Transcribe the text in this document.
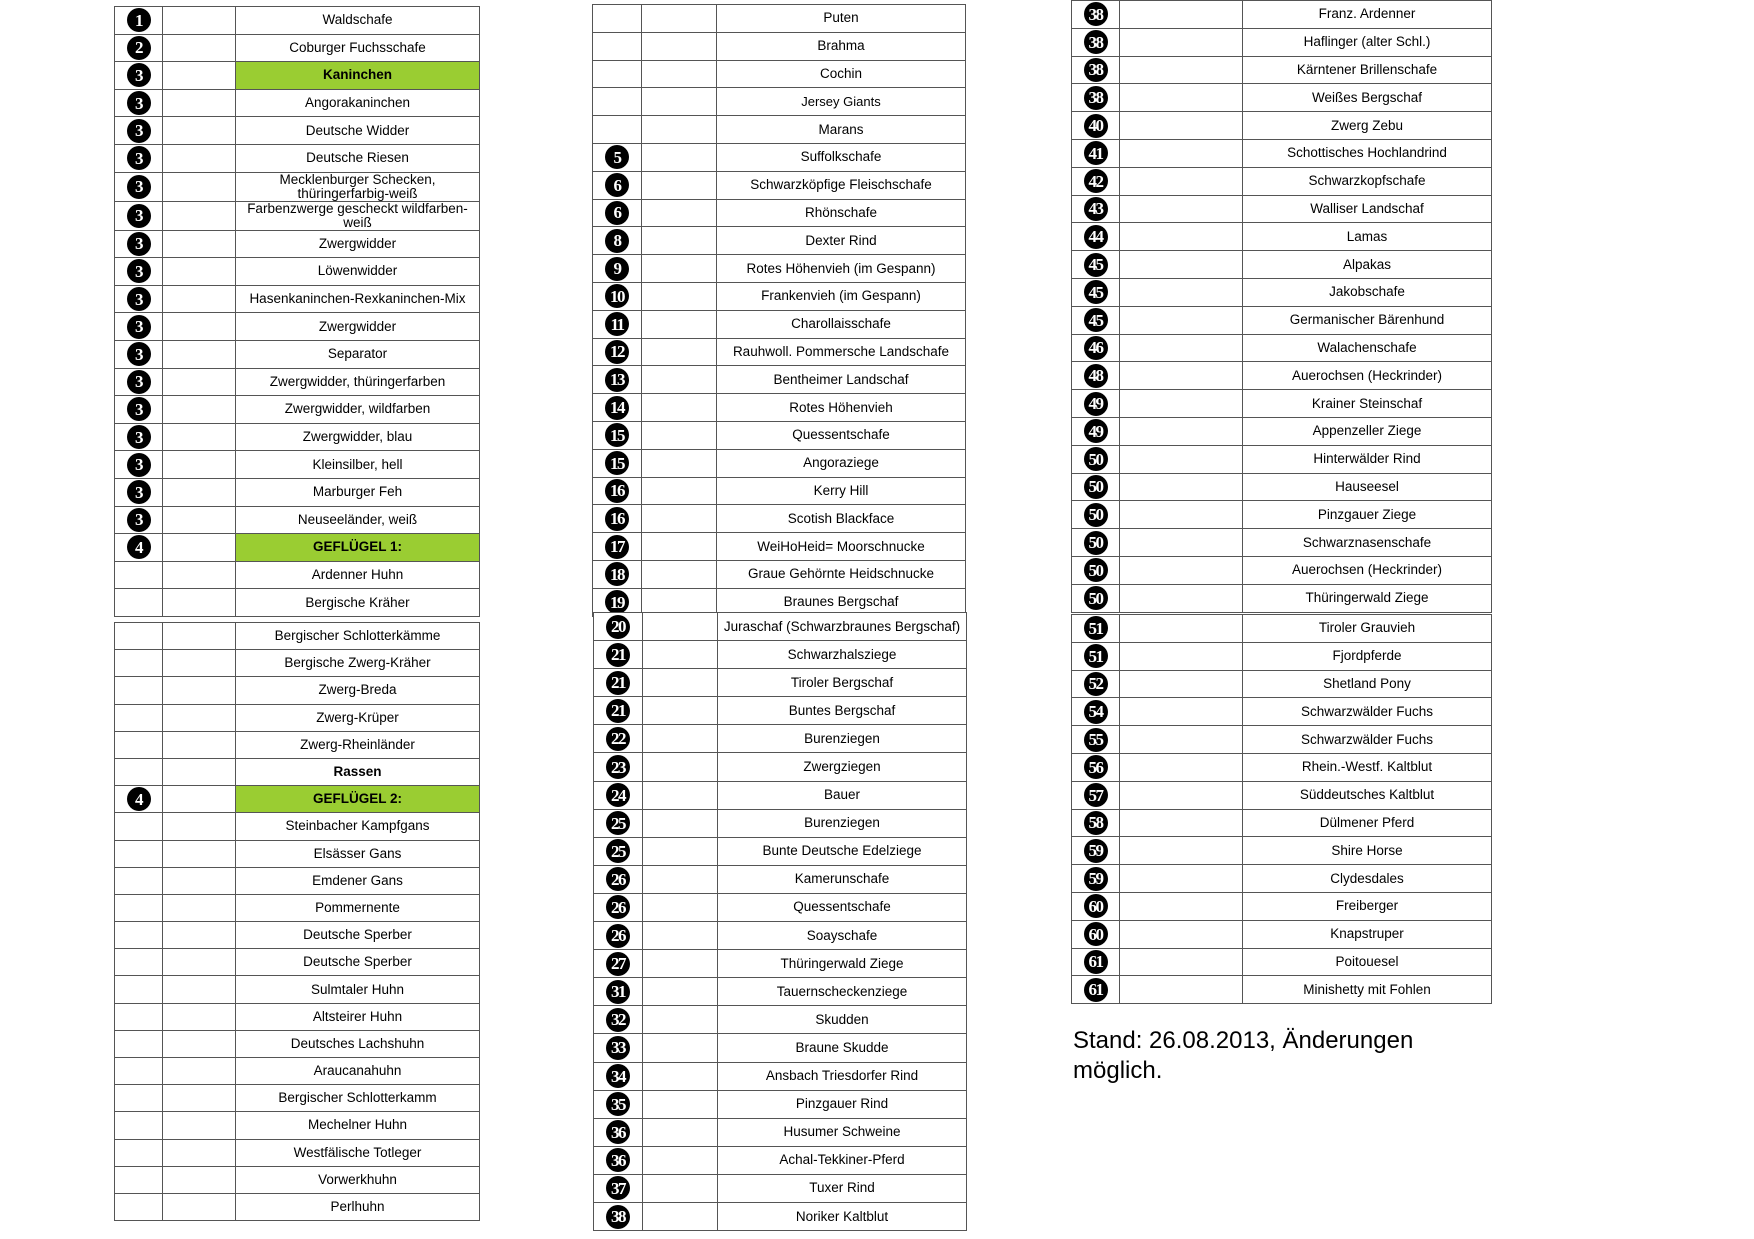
1		Waldschafe
2		Coburger Fuchsschafe
3		Kaninchen
3		Angorakaninchen
3		Deutsche Widder
3		Deutsche Riesen
3		Mecklenburger Schecken, thüringerfarbig-weiß
3		Farbenzwerge gescheckt wildfarben-weiß
3		Zwergwidder
3		Löwenwidder
3		Hasenkaninchen-Rexkaninchen-Mix
3		Zwergwidder
3		Separator
3		Zwergwidder, thüringerfarben
3		Zwergwidder, wildfarben
3		Zwergwidder, blau
3		Kleinsilber, hell
3		Marburger Feh
3		Neuseeländer, weiß
4		GEFLÜGEL 1:
		Ardenner Huhn
		Bergische Kräher
		Bergischer Schlotterkämme
		Bergische Zwerg-Kräher
		Zwerg-Breda
		Zwerg-Krüper
		Zwerg-Rheinländer
		Rassen
4		GEFLÜGEL 2:
		Steinbacher Kampfgans
		Elsässer Gans
		Emdener Gans
		Pommernente
		Deutsche Sperber
		Deutsche Sperber
		Sulmtaler Huhn
		Altsteirer Huhn
		Deutsches Lachshuhn
		Araucanahuhn
		Bergischer Schlotterkamm
		Mechelner Huhn
		Westfälische Totleger
		Vorwerkhuhn
		Perlhuhn
		Puten
		Brahma
		Cochin
		Jersey Giants
		Marans
5		Suffolkschafe
6		Schwarzköpfige Fleischschafe
6		Rhönschafe
8		Dexter Rind
9		Rotes Höhenvieh (im Gespann)
10		Frankenvieh (im Gespann)
11		Charollaisschafe
12		Rauhwoll. Pommersche Landschafe
13		Bentheimer Landschaf
14		Rotes Höhenvieh
15		Quessentschafe
15		Angoraziege
16		Kerry Hill
16		Scotish Blackface
17		WeiHoHeid= Moorschnucke
18		Graue Gehörnte Heidschnucke
19		Braunes Bergschaf
20		Juraschaf (Schwarzbraunes Bergschaf)
21		Schwarzhalsziege
21		Tiroler Bergschaf
21		Buntes Bergschaf
22		Burenziegen
23		Zwergziegen
24		Bauer
25		Burenziegen
25		Bunte Deutsche Edelziege
26		Kamerunschafe
26		Quessentschafe
26		Soayschafe
27		Thüringerwald Ziege
31		Tauernscheckenziege
32		Skudden
33		Braune Skudde
34		Ansbach Triesdorfer Rind
35		Pinzgauer Rind
36		Husumer Schweine
36		Achal-Tekkiner-Pferd
37		Tuxer Rind
38		Noriker Kaltblut
38		Franz. Ardenner
38		Haflinger (alter Schl.)
38		Kärntener Brillenschafe
38		Weißes Bergschaf
40		Zwerg Zebu
41		Schottisches Hochlandrind
42		Schwarzkopfschafe
43		Walliser Landschaf
44		Lamas
45		Alpakas
45		Jakobschafe
45		Germanischer Bärenhund
46		Walachenschafe
48		Auerochsen (Heckrinder)
49		Krainer Steinschaf
49		Appenzeller Ziege
50		Hinterwälder Rind
50		Hauseesel
50		Pinzgauer Ziege
50		Schwarznasenschafe
50		Auerochsen (Heckrinder)
50		Thüringerwald Ziege
51		Tiroler Grauvieh
51		Fjordpferde
52		Shetland Pony
54		Schwarzwälder Fuchs
55		Schwarzwälder Fuchs
56		Rhein.-Westf. Kaltblut
57		Süddeutsches Kaltblut
58		Dülmener Pferd
59		Shire Horse
59		Clydesdales
60		Freiberger
60		Knapstruper
61		Poitouesel
61		Minishetty mit Fohlen
Stand: 26.08.2013, Änderungen möglich.
